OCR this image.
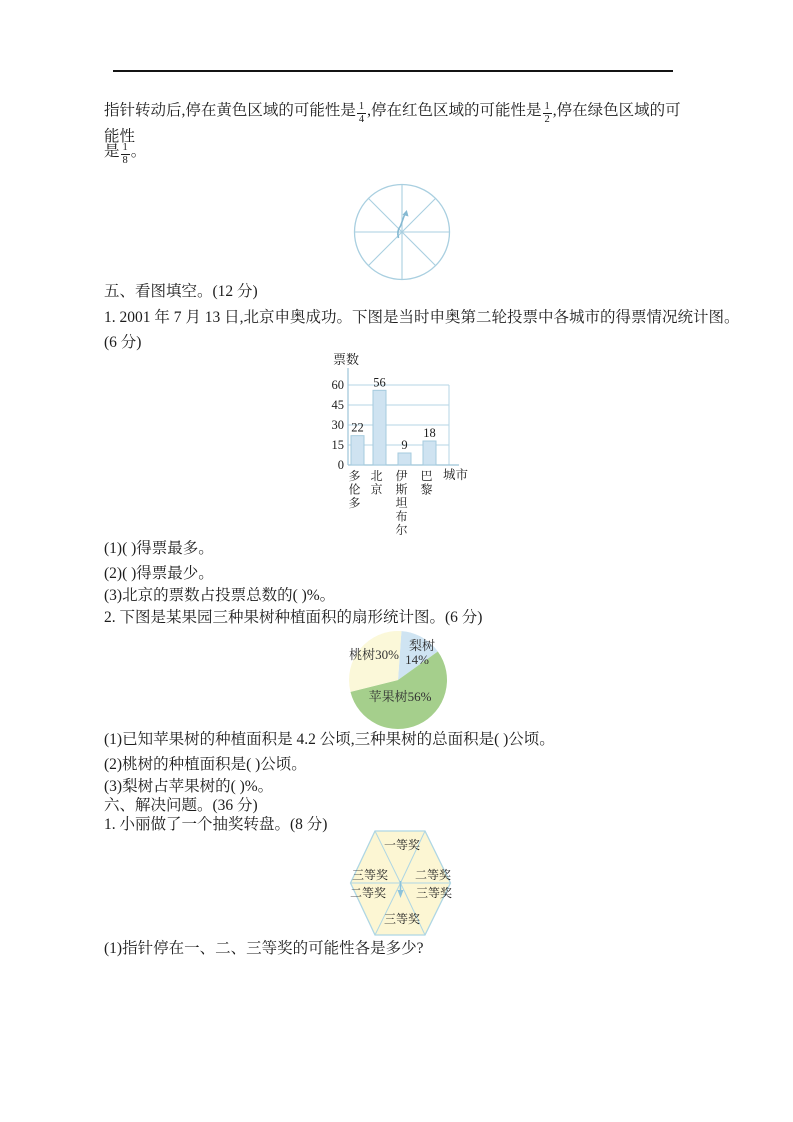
指针转动后,停在黄色区域的可能性是 $\frac{1}{4}$ ,停在红色区域的可能性是 $\frac{1}{2}$ ,停在绿色区域的可能性
是 $\frac{1}{8}$ 。
五、看图填空。(12 分)
1. 2001 年 7 月 13 日,北京申奥成功。下图是当时申奥第二轮投票中各城市的得票情况统计图。
(6 分)
0
15
30
45
60
票数
22
多伦多
56
北京
9
伊斯坦布尔
18
巴黎
城市
(1)( )得票最多。
(2)( )得票最少。
(3)北京的票数占投票总数的( )%。
2. 下图是某果园三种果树种植面积的扇形统计图。(6 分)
梨树
14%
苹果树56%
桃树30%
(1)已知苹果树的种植面积是 4.2 公顷,三种果树的总面积是( )公顷。
(2)桃树的种植面积是( )公顷。
(3)梨树占苹果树的( )%。
六、解决问题。(36 分)
1. 小丽做了一个抽奖转盘。(8 分)
一等奖
二等奖
三等奖
三等奖
二等奖
三等奖
(1)指针停在一、二、三等奖的可能性各是多少?
